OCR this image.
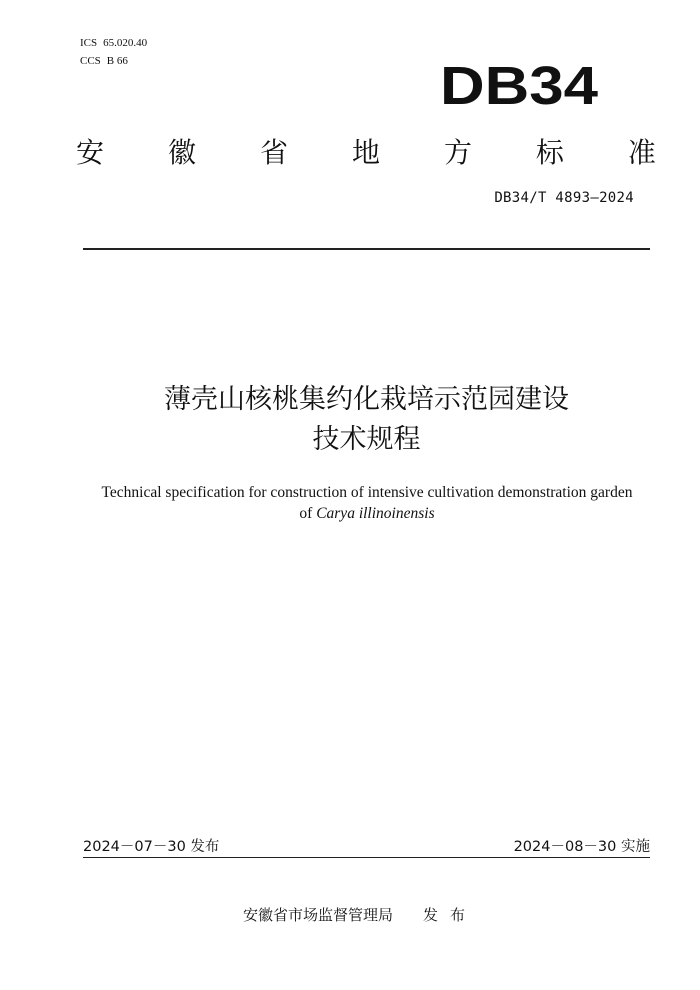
ICS 65.020.40
CCS B 66	DB34
安 徽 省 地 方 标 准
DB34/T 4893—2024
薄壳山核桃集约化栽培示范园建设
技术规程
Technical specification for construction of intensive cultivation demonstration garden
of Carya illinoinensis
2024－07－30 发布	2024－08－30 实施
安徽省市场监督管理局 发布
